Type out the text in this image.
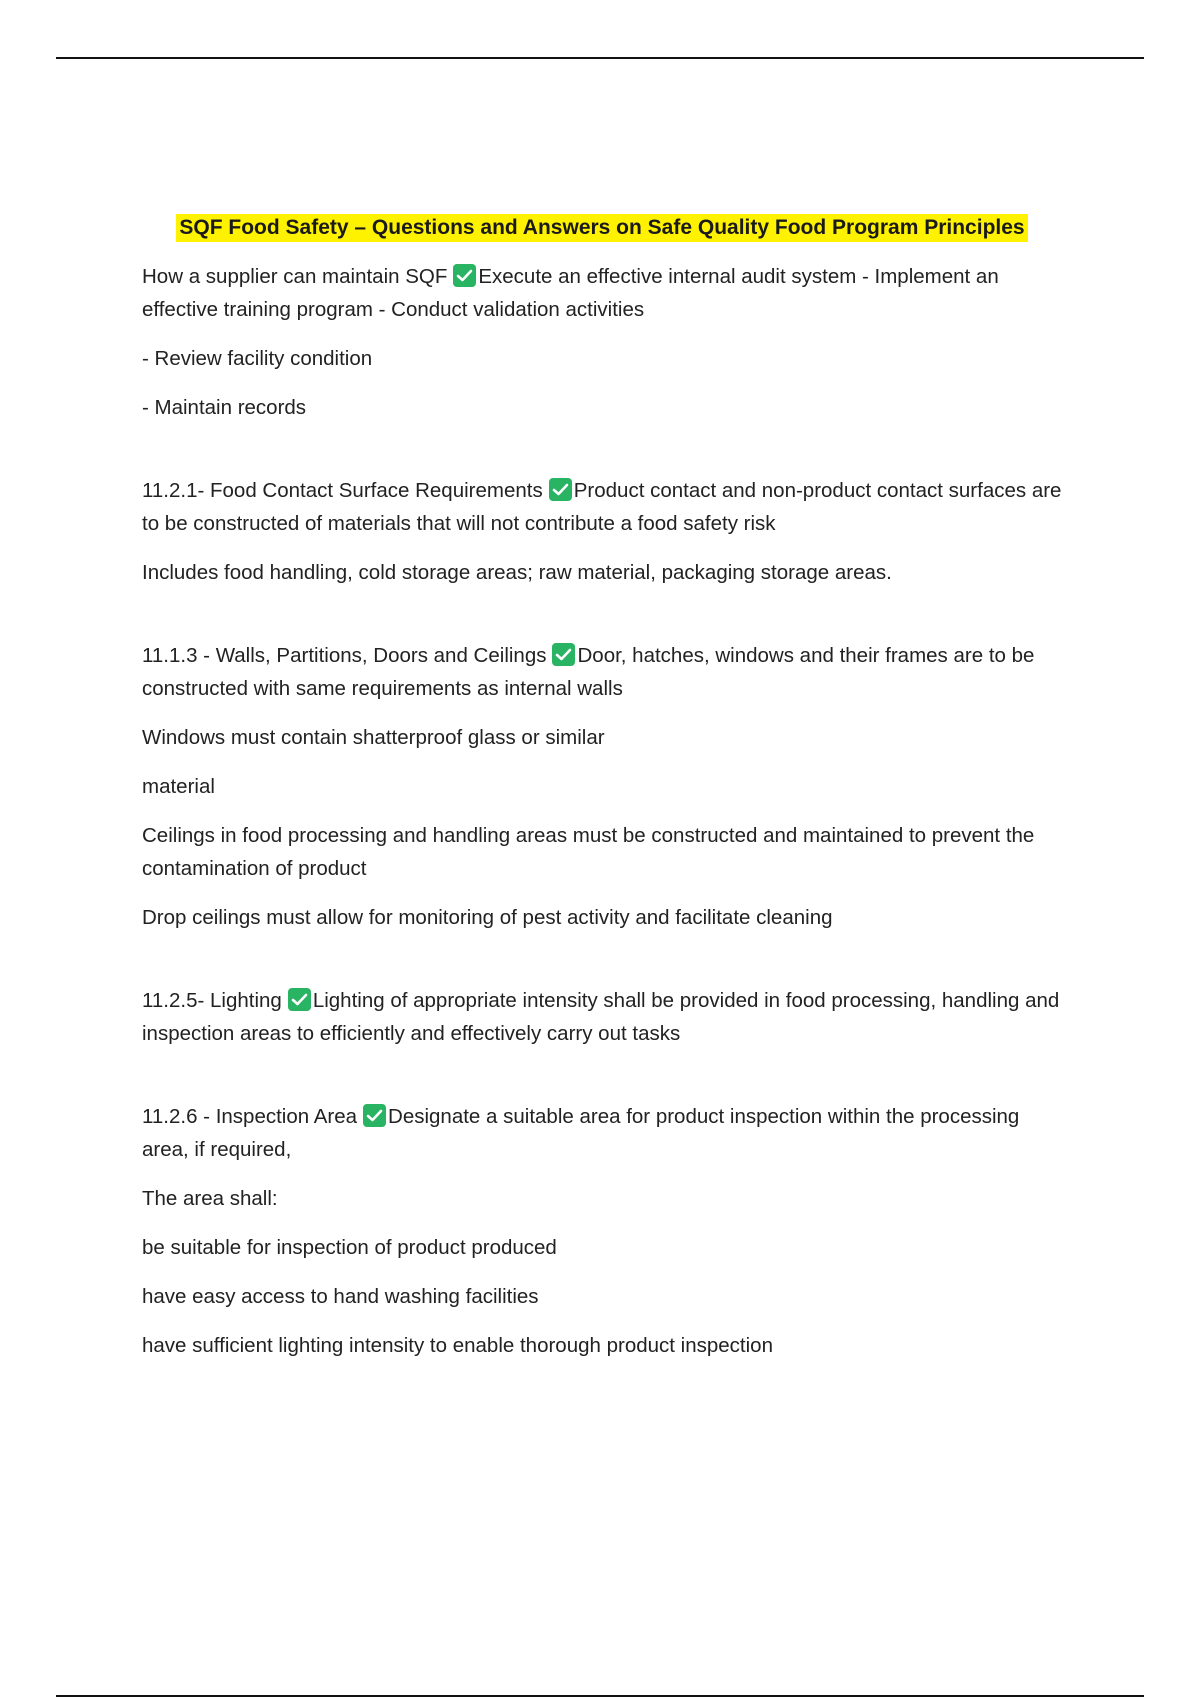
SQF Food Safety – Questions and Answers on Safe Quality Food Program Principles

How a supplier can maintain SQF Execute an effective internal audit system - Implement an effective training program - Conduct validation activities

- Review facility condition

- Maintain records

11.2.1- Food Contact Surface Requirements Product contact and non-product contact surfaces are to be constructed of materials that will not contribute a food safety risk

Includes food handling, cold storage areas; raw material, packaging storage areas.

11.1.3 - Walls, Partitions, Doors and Ceilings Door, hatches, windows and their frames are to be constructed with same requirements as internal walls

Windows must contain shatterproof glass or similar

material

Ceilings in food processing and handling areas must be constructed and maintained to prevent the contamination of product

Drop ceilings must allow for monitoring of pest activity and facilitate cleaning

11.2.5- Lighting Lighting of appropriate intensity shall be provided in food processing, handling and inspection areas to efficiently and effectively carry out tasks

11.2.6 - Inspection Area Designate a suitable area for product inspection within the processing area, if required,

The area shall:

be suitable for inspection of product produced

have easy access to hand washing facilities

have sufficient lighting intensity to enable thorough product inspection
